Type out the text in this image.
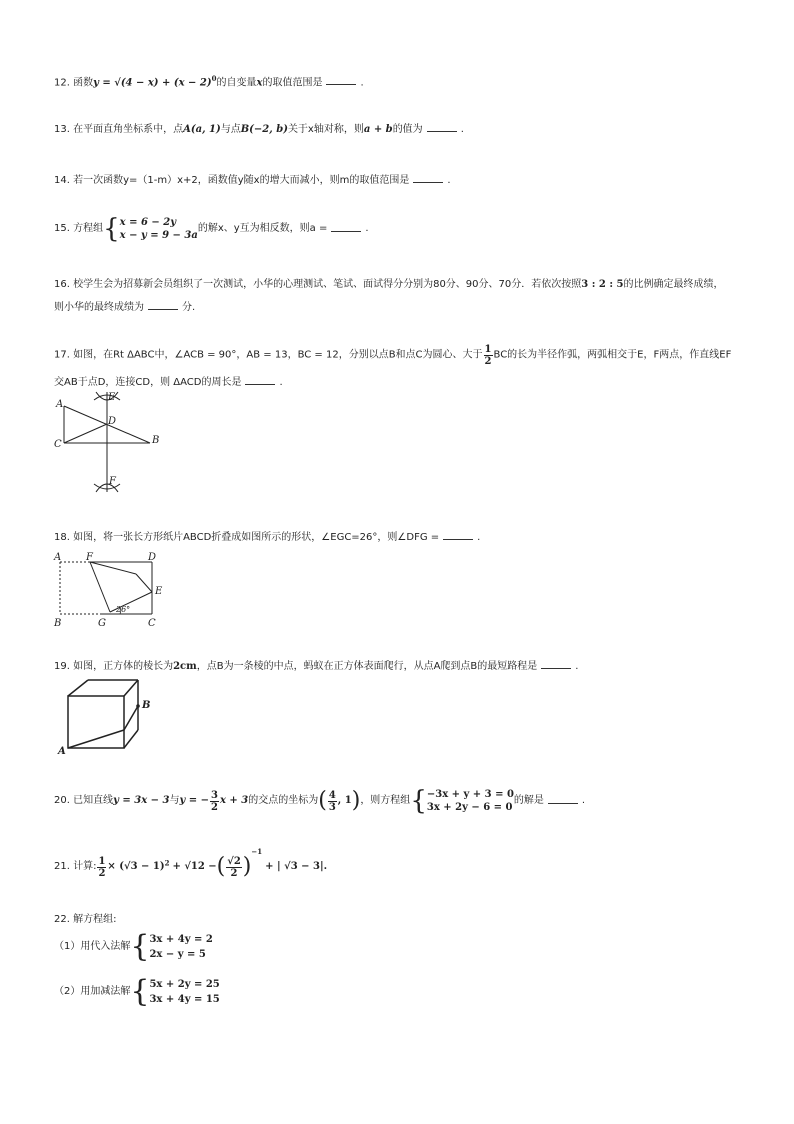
12. 函数$y = √(4 - x) + (x - 2)^0$的自变量x的取值范围是	.
13. 在平面直角坐标系中，点A(a, 1)与点B(−2, b)关于x轴对称，则a + b的值为	.
14. 若一次函数y=（1-m）x+2，函数值y随x的增大而减小，则m的取值范围是	.
15. 方程组{ x = 6 − 2y
x − y = 9 − 3a
的解x、y互为相反数，则a =	.
16. 校学生会为招募新会员组织了一次测试，小华的心理测试、笔试、面试得分分别为80分、90分、70分．若依次按照3 : 2 : 5的比例确定最终成绩，
则小华的最终成绩为	分.
17. 如图，在Rt ΔABC中，∠ACB = 90°，AB = 13，BC = 12，分别以点B和点C为圆心、大于 $\frac{1}{2}$ BC的长为半径作弧，两弧相交于E，F两点，作直线EF
交AB于点D，连接CD，则 ΔACD的周长是	.
A
B
C
D
E
F
18. 如图，将一张长方形纸片ABCD折叠成如图所示的形状，∠EGC=26°，则∠DFG =	.
A
B	C
D
E
F
G
26°
19. 如图，正方体的棱长为2cm，点B为一条棱的中点，蚂蚁在正方体表面爬行，从点A爬到点B的最短路程是	.
A
B
20. 已知直线y = 3x − 3与y = − $\frac{3}{2}$ x + 3的交点的坐标为( $\frac{4}{3}$ , 1)，则方程组{ −3x + y + 3 = 0
3x + 2y − 6 = 0
的解是	.
21. 计算: $\frac{1}{2} \times (√3 - 1)^2 + √12$ −( $\frac{√2}{2} )^{-1}+$ | √3 − 3|.
22. 解方程组:
（1）用代入法解{ 3x + 4y = 2
2x − y = 5
（2）用加减法解{ 5x + 2y = 25
3x + 4y = 15
